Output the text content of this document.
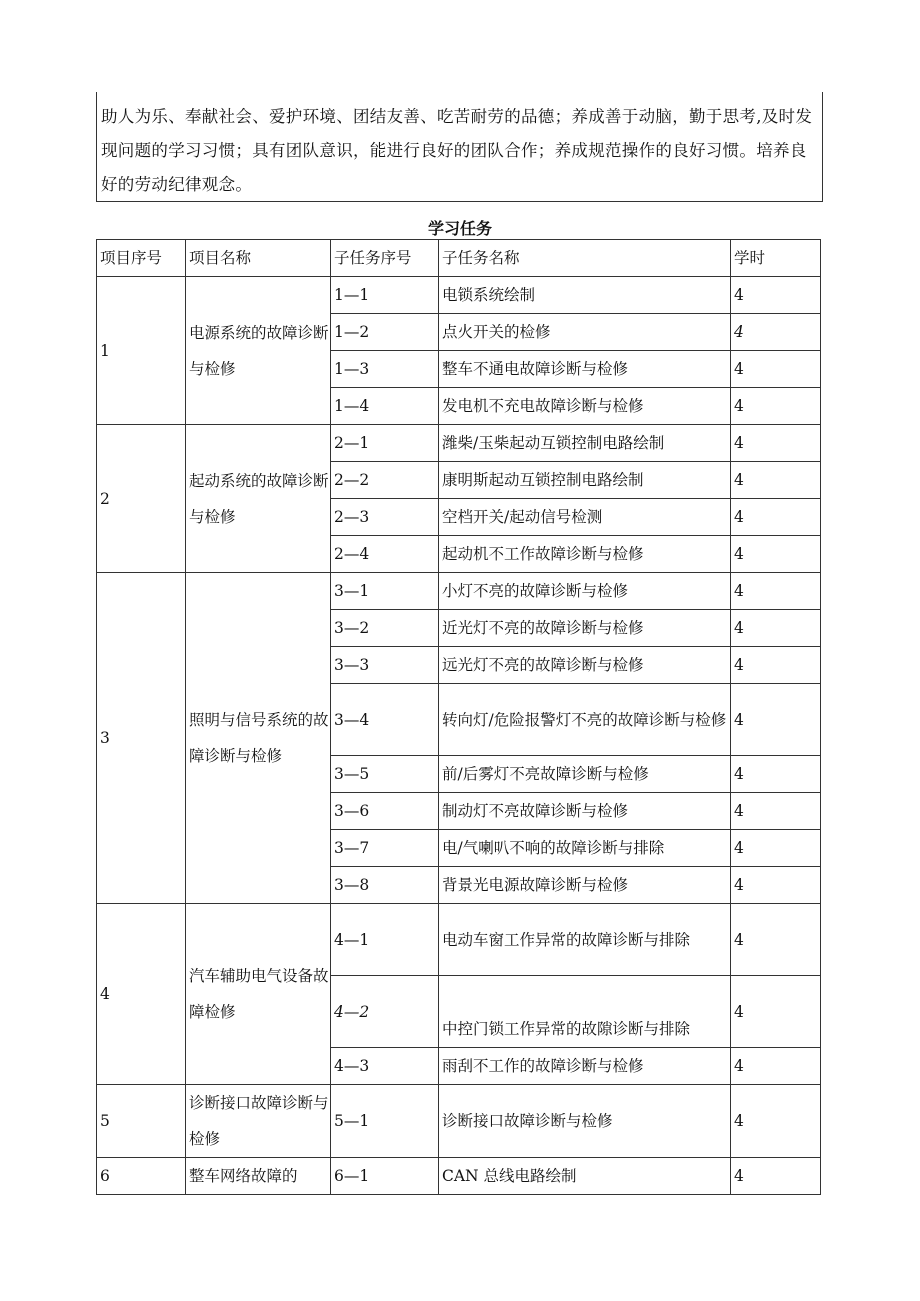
助人为乐、奉献社会、爱护环境、团结友善、吃苦耐劳的品德；养成善于动脑，勤于思考,及时发现问题的学习习惯；具有团队意识，能进行良好的团队合作；养成规范操作的良好习惯。培养良好的劳动纪律观念。
学习任务
项目序号	项目名称	子任务序号	子任务名称	学时
1	电源系统的故障诊断与检修	1—1	电锁系统绘制	4
		1—2	点火开关的检修	4
		1—3	整车不通电故障诊断与检修	4
		1—4	发电机不充电故障诊断与检修	4
2	起动系统的故障诊断与检修	2—1	潍柴/玉柴起动互锁控制电路绘制	4
		2—2	康明斯起动互锁控制电路绘制	4
		2—3	空档开关/起动信号检测	4
		2—4	起动机不工作故障诊断与检修	4
3	照明与信号系统的故障诊断与检修	3—1	小灯不亮的故障诊断与检修	4
		3—2	近光灯不亮的故障诊断与检修	4
		3—3	远光灯不亮的故障诊断与检修	4
		3—4	转向灯/危险报警灯不亮的故障诊断与检修	4
		3—5	前/后雾灯不亮故障诊断与检修	4
		3—6	制动灯不亮故障诊断与检修	4
		3—7	电/气喇叭不响的故障诊断与排除	4
		3—8	背景光电源故障诊断与检修	4
4	汽车辅助电气设备故障检修	4—1	电动车窗工作异常的故障诊断与排除	4
		4—2	中控门锁工作异常的故隙诊断与排除	4
		4—3	雨刮不工作的故障诊断与检修	4
5	诊断接口故障诊断与检修	5—1	诊断接口故障诊断与检修	4
6	整车网络故障的	6—1	CAN 总线电路绘制	4
